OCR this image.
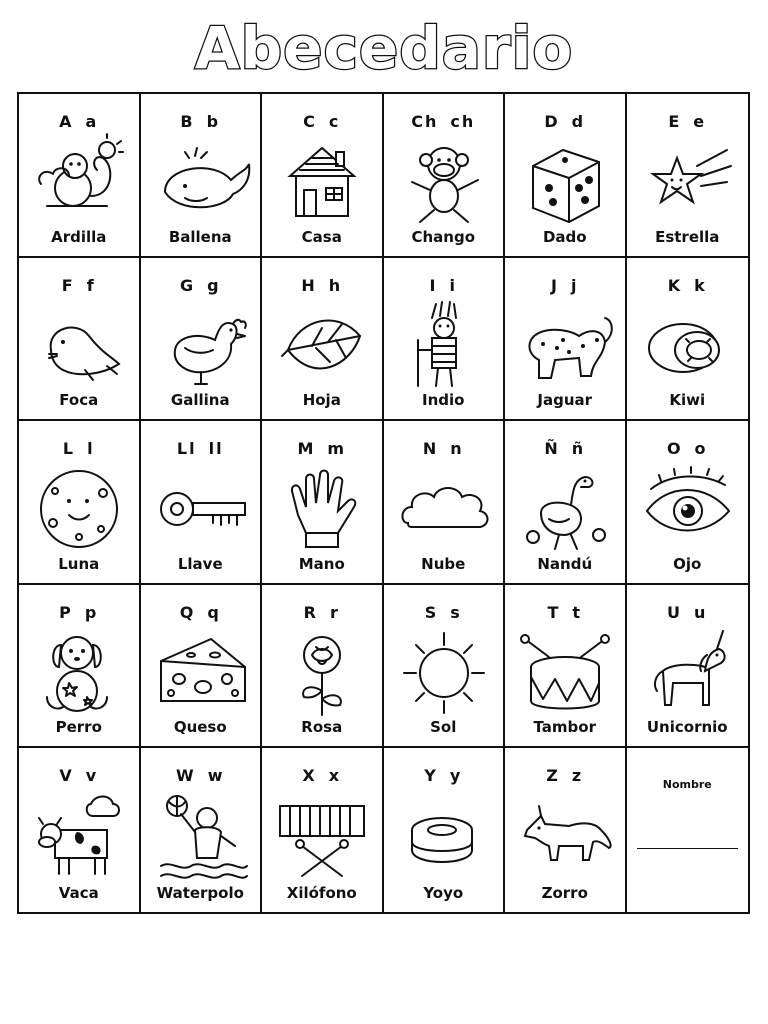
Abecedario
A a
Ardilla
B b
Ballena
C c
Casa
Ch ch
Chango
D d
Dado
E e
Estrella
F f
Foca
G g
Gallina
H h
Hoja
I i
Indio
J j
Jaguar
K k
Kiwi
L l
Luna
Ll ll
Llave
M m
Mano
N n
Nube
Ñ ñ
Nandú
O o
Ojo
P p
Perro
Q q
Queso
R r
Rosa
S s
Sol
T t
Tambor
U u
Unicornio
V v
Vaca
W w
Waterpolo
X x
Xilófono
Y y
Yoyo
Z z
Zorro
Nombre
